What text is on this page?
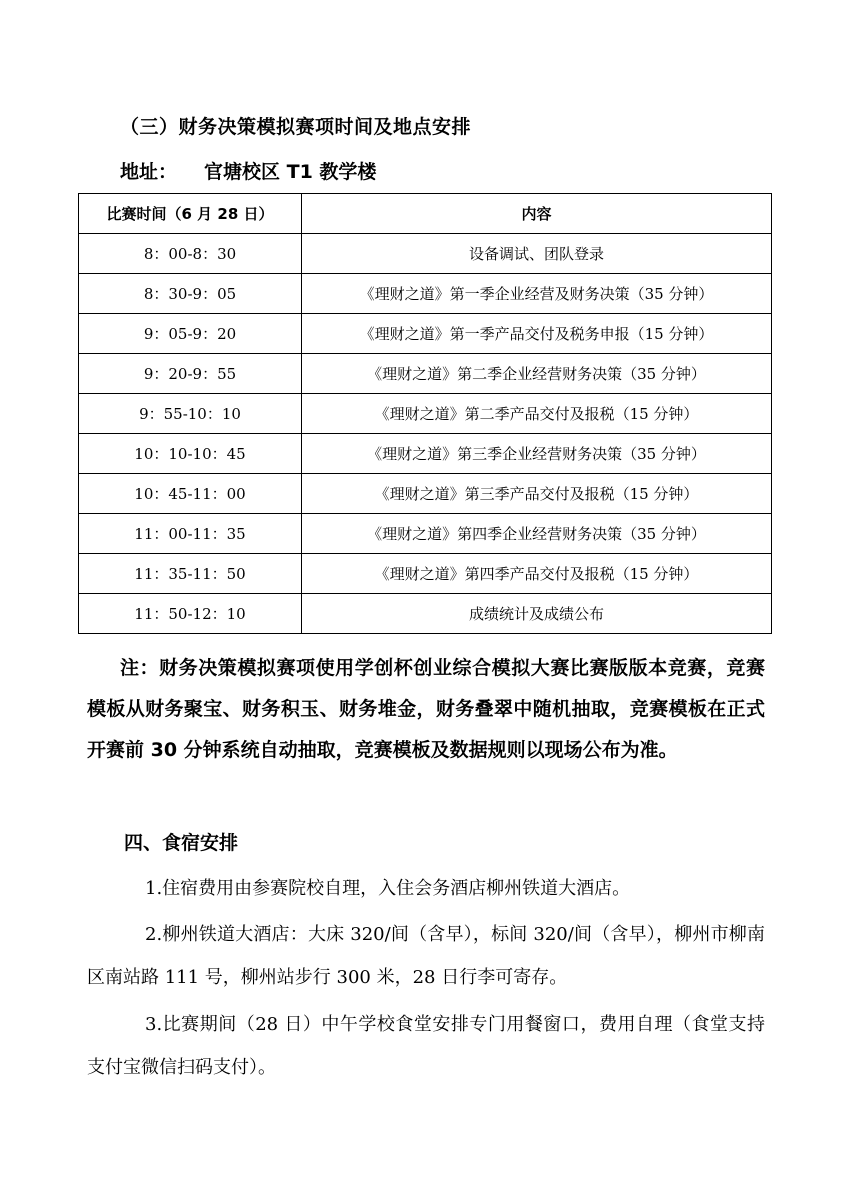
（三）财务决策模拟赛项时间及地点安排
地址： 官塘校区 T1 教学楼
比赛时间（6 月 28 日）	内容
8：00-8：30	设备调试、团队登录
8：30-9：05	《理财之道》第一季企业经营及财务决策（35 分钟）
9：05-9：20	《理财之道》第一季产品交付及税务申报（15 分钟）
9：20-9：55	《理财之道》第二季企业经营财务决策（35 分钟）
9：55-10：10	《理财之道》第二季产品交付及报税（15 分钟）
10：10-10：45	《理财之道》第三季企业经营财务决策（35 分钟）
10：45-11：00	《理财之道》第三季产品交付及报税（15 分钟）
11：00-11：35	《理财之道》第四季企业经营财务决策（35 分钟）
11：35-11：50	《理财之道》第四季产品交付及报税（15 分钟）
11：50-12：10	成绩统计及成绩公布
注：财务决策模拟赛项使用学创杯创业综合模拟大赛比赛版版本竞赛，竞赛模板从财务聚宝、财务积玉、财务堆金，财务叠翠中随机抽取，竞赛模板在正式开赛前 30 分钟系统自动抽取，竞赛模板及数据规则以现场公布为准。
四、食宿安排
1.住宿费用由参赛院校自理，入住会务酒店柳州铁道大酒店。
2.柳州铁道大酒店：大床 320/间（含早），标间 320/间（含早），柳州市柳南区南站路 111 号，柳州站步行 300 米，28 日行李可寄存。
3.比赛期间（28 日）中午学校食堂安排专门用餐窗口，费用自理（食堂支持支付宝微信扫码支付）。
